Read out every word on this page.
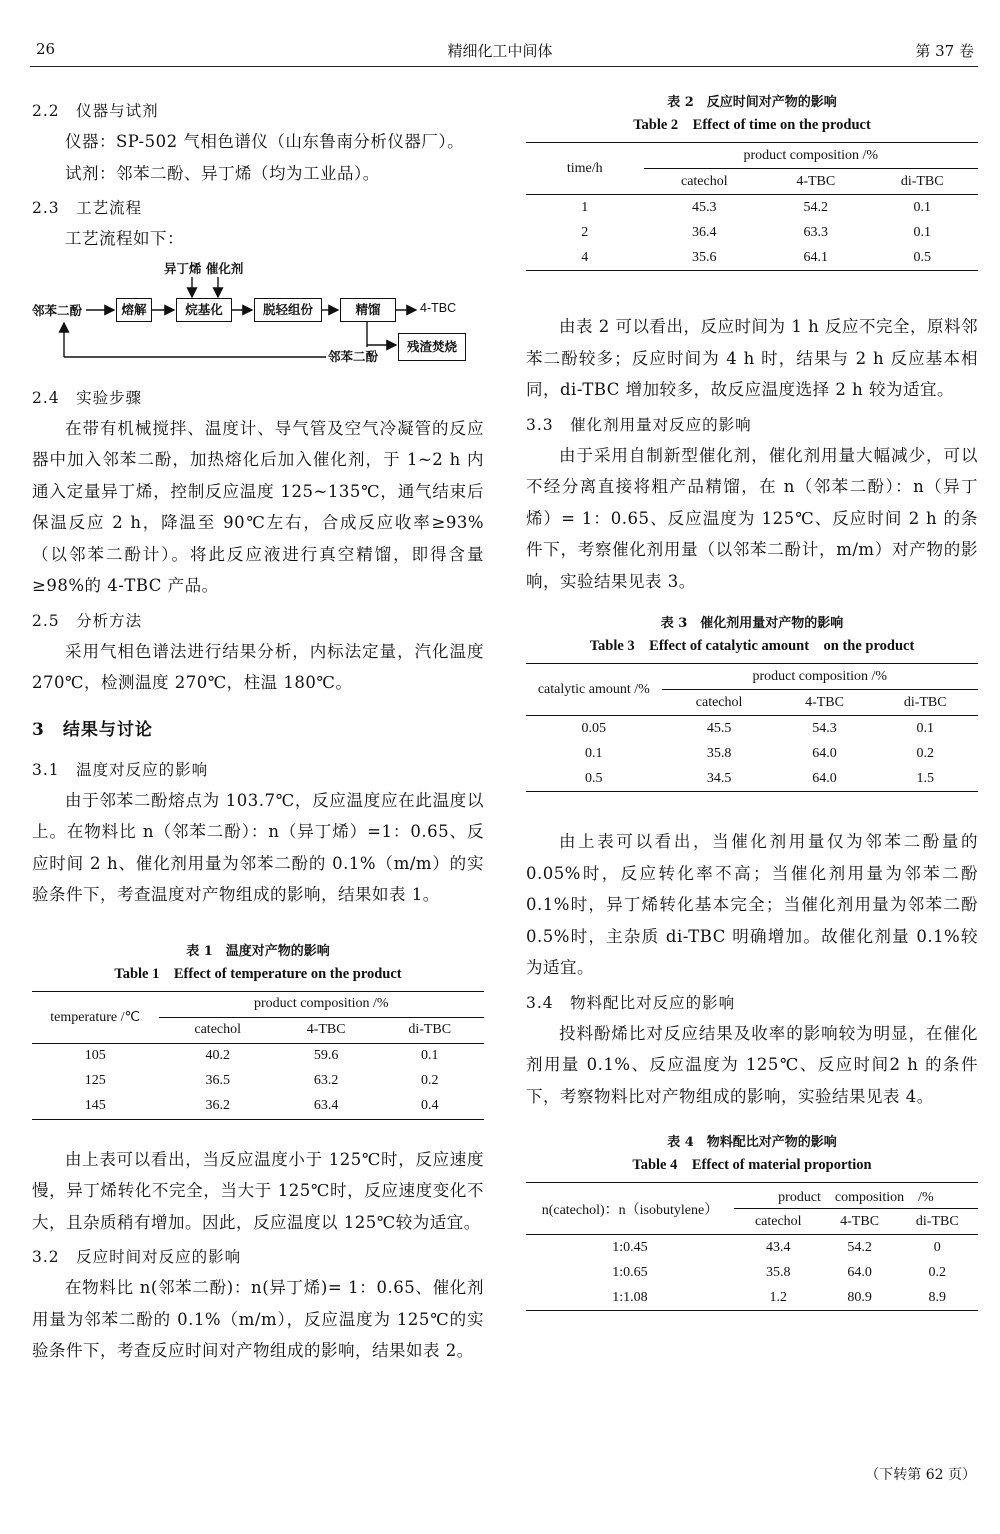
26	精细化工中间体	第 37 卷
2.2　仪器与试剂

仪器：SP-502 气相色谱仪（山东鲁南分析仪器厂）。

试剂：邻苯二酚、异丁烯（均为工业品）。

2.3　工艺流程

工艺流程如下：

异丁烯 催化剂
邻苯二酚	熔解	烷基化	脱轻组份	精馏	4-TBC
邻苯二酚
残渣焚烧
2.4　实验步骤

在带有机械搅拌、温度计、导气管及空气冷凝管的反应器中加入邻苯二酚，加热熔化后加入催化剂，于 1~2 h 内通入定量异丁烯，控制反应温度 125~135℃，通气结束后保温反应 2 h，降温至 90℃左右，合成反应收率≥93%（以邻苯二酚计）。将此反应液进行真空精馏，即得含量≥98%的 4-TBC 产品。

2.5　分析方法

采用气相色谱法进行结果分析，内标法定量，汽化温度 270℃，检测温度 270℃，柱温 180℃。

3　结果与讨论
3.1　温度对反应的影响

由于邻苯二酚熔点为 103.7℃，反应温度应在此温度以上。在物料比 n（邻苯二酚）：n（异丁烯）=1：0.65、反应时间 2 h、催化剂用量为邻苯二酚的 0.1%（m/m）的实验条件下，考查温度对产物组成的影响，结果如表 1。

表 1　温度对产物的影响
Table 1　Effect of temperature on the product
temperature /℃	product composition /%		
	catechol	4-TBC	di-TBC
105	40.2	59.6	0.1
125	36.5	63.2	0.2
145	36.2	63.4	0.4

由上表可以看出，当反应温度小于 125℃时，反应速度慢，异丁烯转化不完全，当大于 125℃时，反应速度变化不大，且杂质稍有增加。因此，反应温度以 125℃较为适宜。

3.2　反应时间对反应的影响

在物料比 n(邻苯二酚)：n(异丁烯)= 1：0.65、催化剂用量为邻苯二酚的 0.1%（m/m），反应温度为 125℃的实验条件下，考查反应时间对产物组成的影响，结果如表 2。

表 2　反应时间对产物的影响
Table 2　Effect of time on the product
time/h	product composition /%		
	catechol	4-TBC	di-TBC
1	45.3	54.2	0.1
2	36.4	63.3	0.1
4	35.6	64.1	0.5

由表 2 可以看出，反应时间为 1 h 反应不完全，原料邻苯二酚较多；反应时间为 4 h 时，结果与 2 h 反应基本相同，di-TBC 增加较多，故反应温度选择 2 h 较为适宜。

3.3　催化剂用量对反应的影响

由于采用自制新型催化剂，催化剂用量大幅减少，可以不经分离直接将粗产品精馏，在 n（邻苯二酚）：n（异丁烯）= 1：0.65、反应温度为 125℃、反应时间 2 h 的条件下，考察催化剂用量（以邻苯二酚计，m/m）对产物的影响，实验结果见表 3。

表 3　催化剂用量对产物的影响
Table 3　Effect of catalytic amount　on the product
catalytic amount /%	product composition /%		
	catechol	4-TBC	di-TBC
0.05	45.5	54.3	0.1
0.1	35.8	64.0	0.2
0.5	34.5	64.0	1.5

由上表可以看出，当催化剂用量仅为邻苯二酚量的 0.05%时，反应转化率不高；当催化剂用量为邻苯二酚 0.1%时，异丁烯转化基本完全；当催化剂用量为邻苯二酚 0.5%时，主杂质 di-TBC 明确增加。故催化剂量 0.1%较为适宜。

3.4　物料配比对反应的影响

投料酚烯比对反应结果及收率的影响较为明显，在催化剂用量 0.1%、反应温度为 125℃、反应时间2 h 的条件下，考察物料比对产物组成的影响，实验结果见表 4。

表 4　物料配比对产物的影响
Table 4　Effect of material proportion
n(catechol)：n（isobutylene）	product　composition　/%		
	catechol	4-TBC	di-TBC
1:0.45	43.4	54.2	0
1:0.65	35.8	64.0	0.2
1:1.08	1.2	80.9	8.9
（下转第 62 页）
